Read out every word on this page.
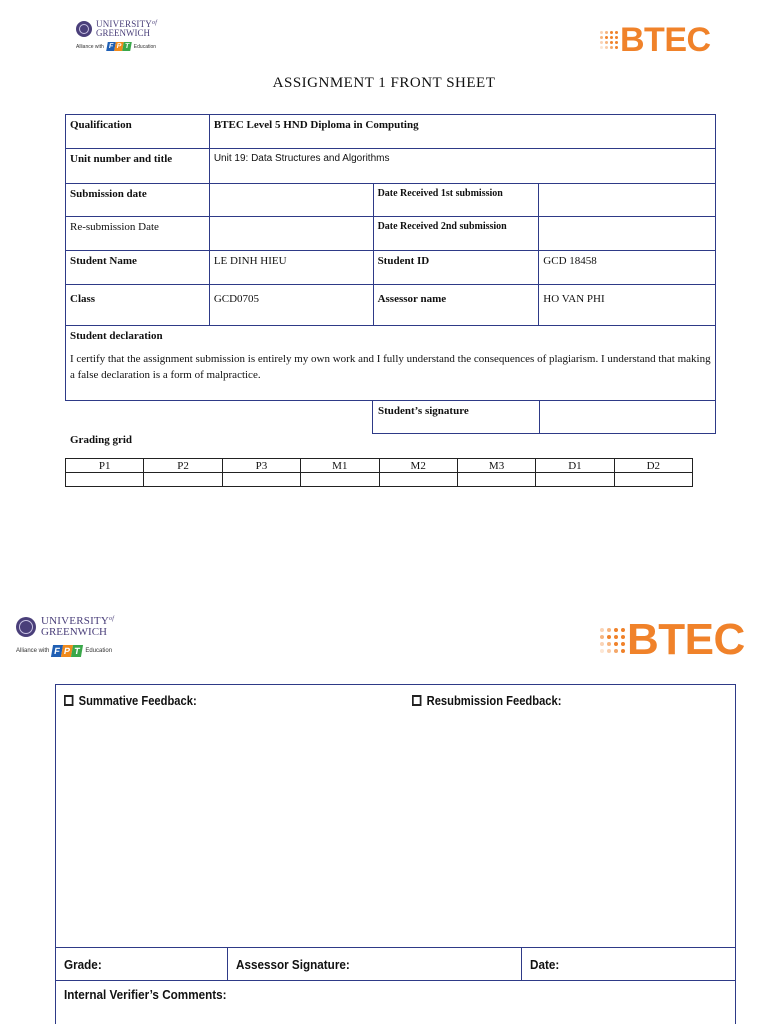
$UNIVERSITY^{of}$
GREENWICH
Alliance with F P T Education	BTEC
ASSIGNMENT 1 FRONT SHEET
Qualification	BTEC Level 5 HND Diploma in Computing		
Unit number and title	Unit 19: Data Structures and Algorithms		
Submission date		Date Received 1st submission	
Re-submission Date		Date Received 2nd submission	
Student Name	LE DINH HIEU	Student ID	GCD 18458
Class	GCD0705	Assessor name	HO VAN PHI

Student declaration
I certify that the assignment submission is entirely my own work and I fully understand the consequences of plagiarism. I understand that making a false declaration is a form of malpractice.			
Student’s signature
Grading grid
P1	P2	P3	M1	M2	M3	D1	D2

$UNIVERSITY^{of}$
GREENWICH
Alliance with F P T Education	BTEC
Summative Feedback:	Resubmission Feedback:
Grade:	Assessor Signature:	Date:
Internal Verifier’s Comments:
